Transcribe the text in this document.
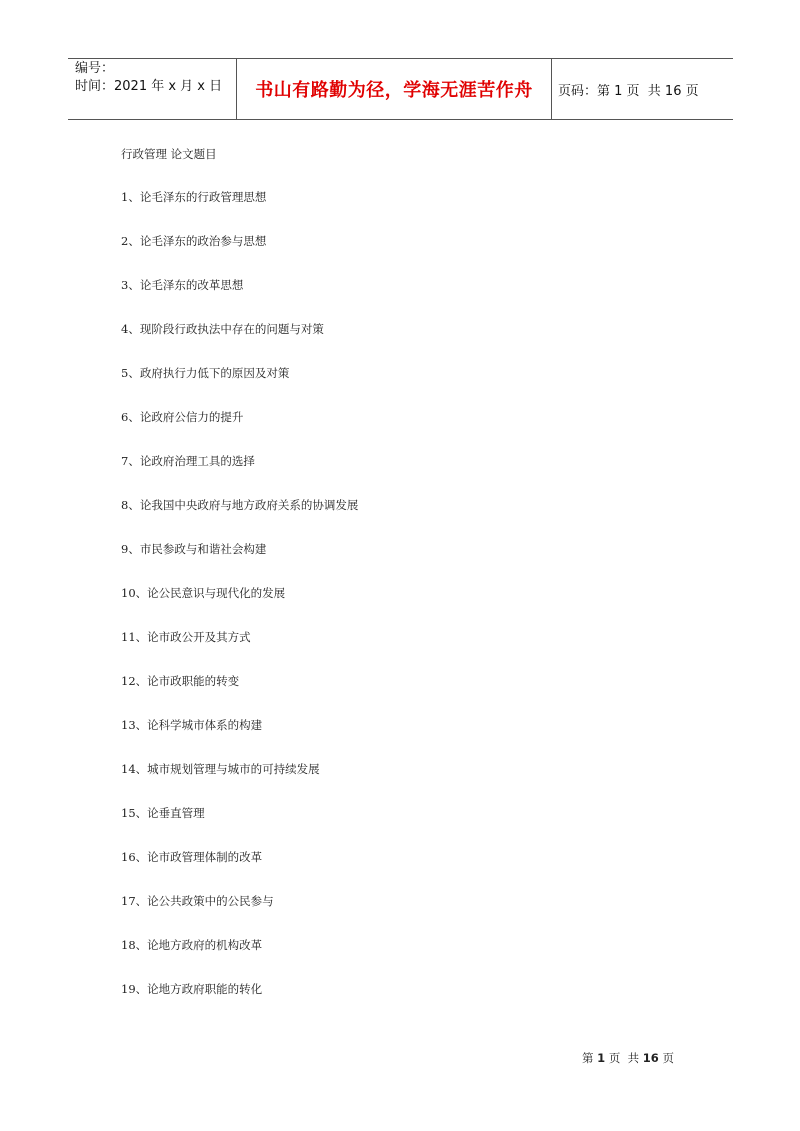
编号：
时间：2021 年 x 月 x 日	书山有路勤为径，学海无涯苦作舟	页码：第 1 页  共 16 页
行政管理 论文题目
1、论毛泽东的行政管理思想
2、论毛泽东的政治参与思想
3、论毛泽东的改革思想
4、现阶段行政执法中存在的问题与对策
5、政府执行力低下的原因及对策
6、论政府公信力的提升
7、论政府治理工具的选择
8、论我国中央政府与地方政府关系的协调发展
9、市民参政与和谐社会构建
10、论公民意识与现代化的发展
11、论市政公开及其方式
12、论市政职能的转变
13、论科学城市体系的构建
14、城市规划管理与城市的可持续发展
15、论垂直管理
16、论市政管理体制的改革
17、论公共政策中的公民参与
18、论地方政府的机构改革
19、论地方政府职能的转化
第 1 页  共 16 页
